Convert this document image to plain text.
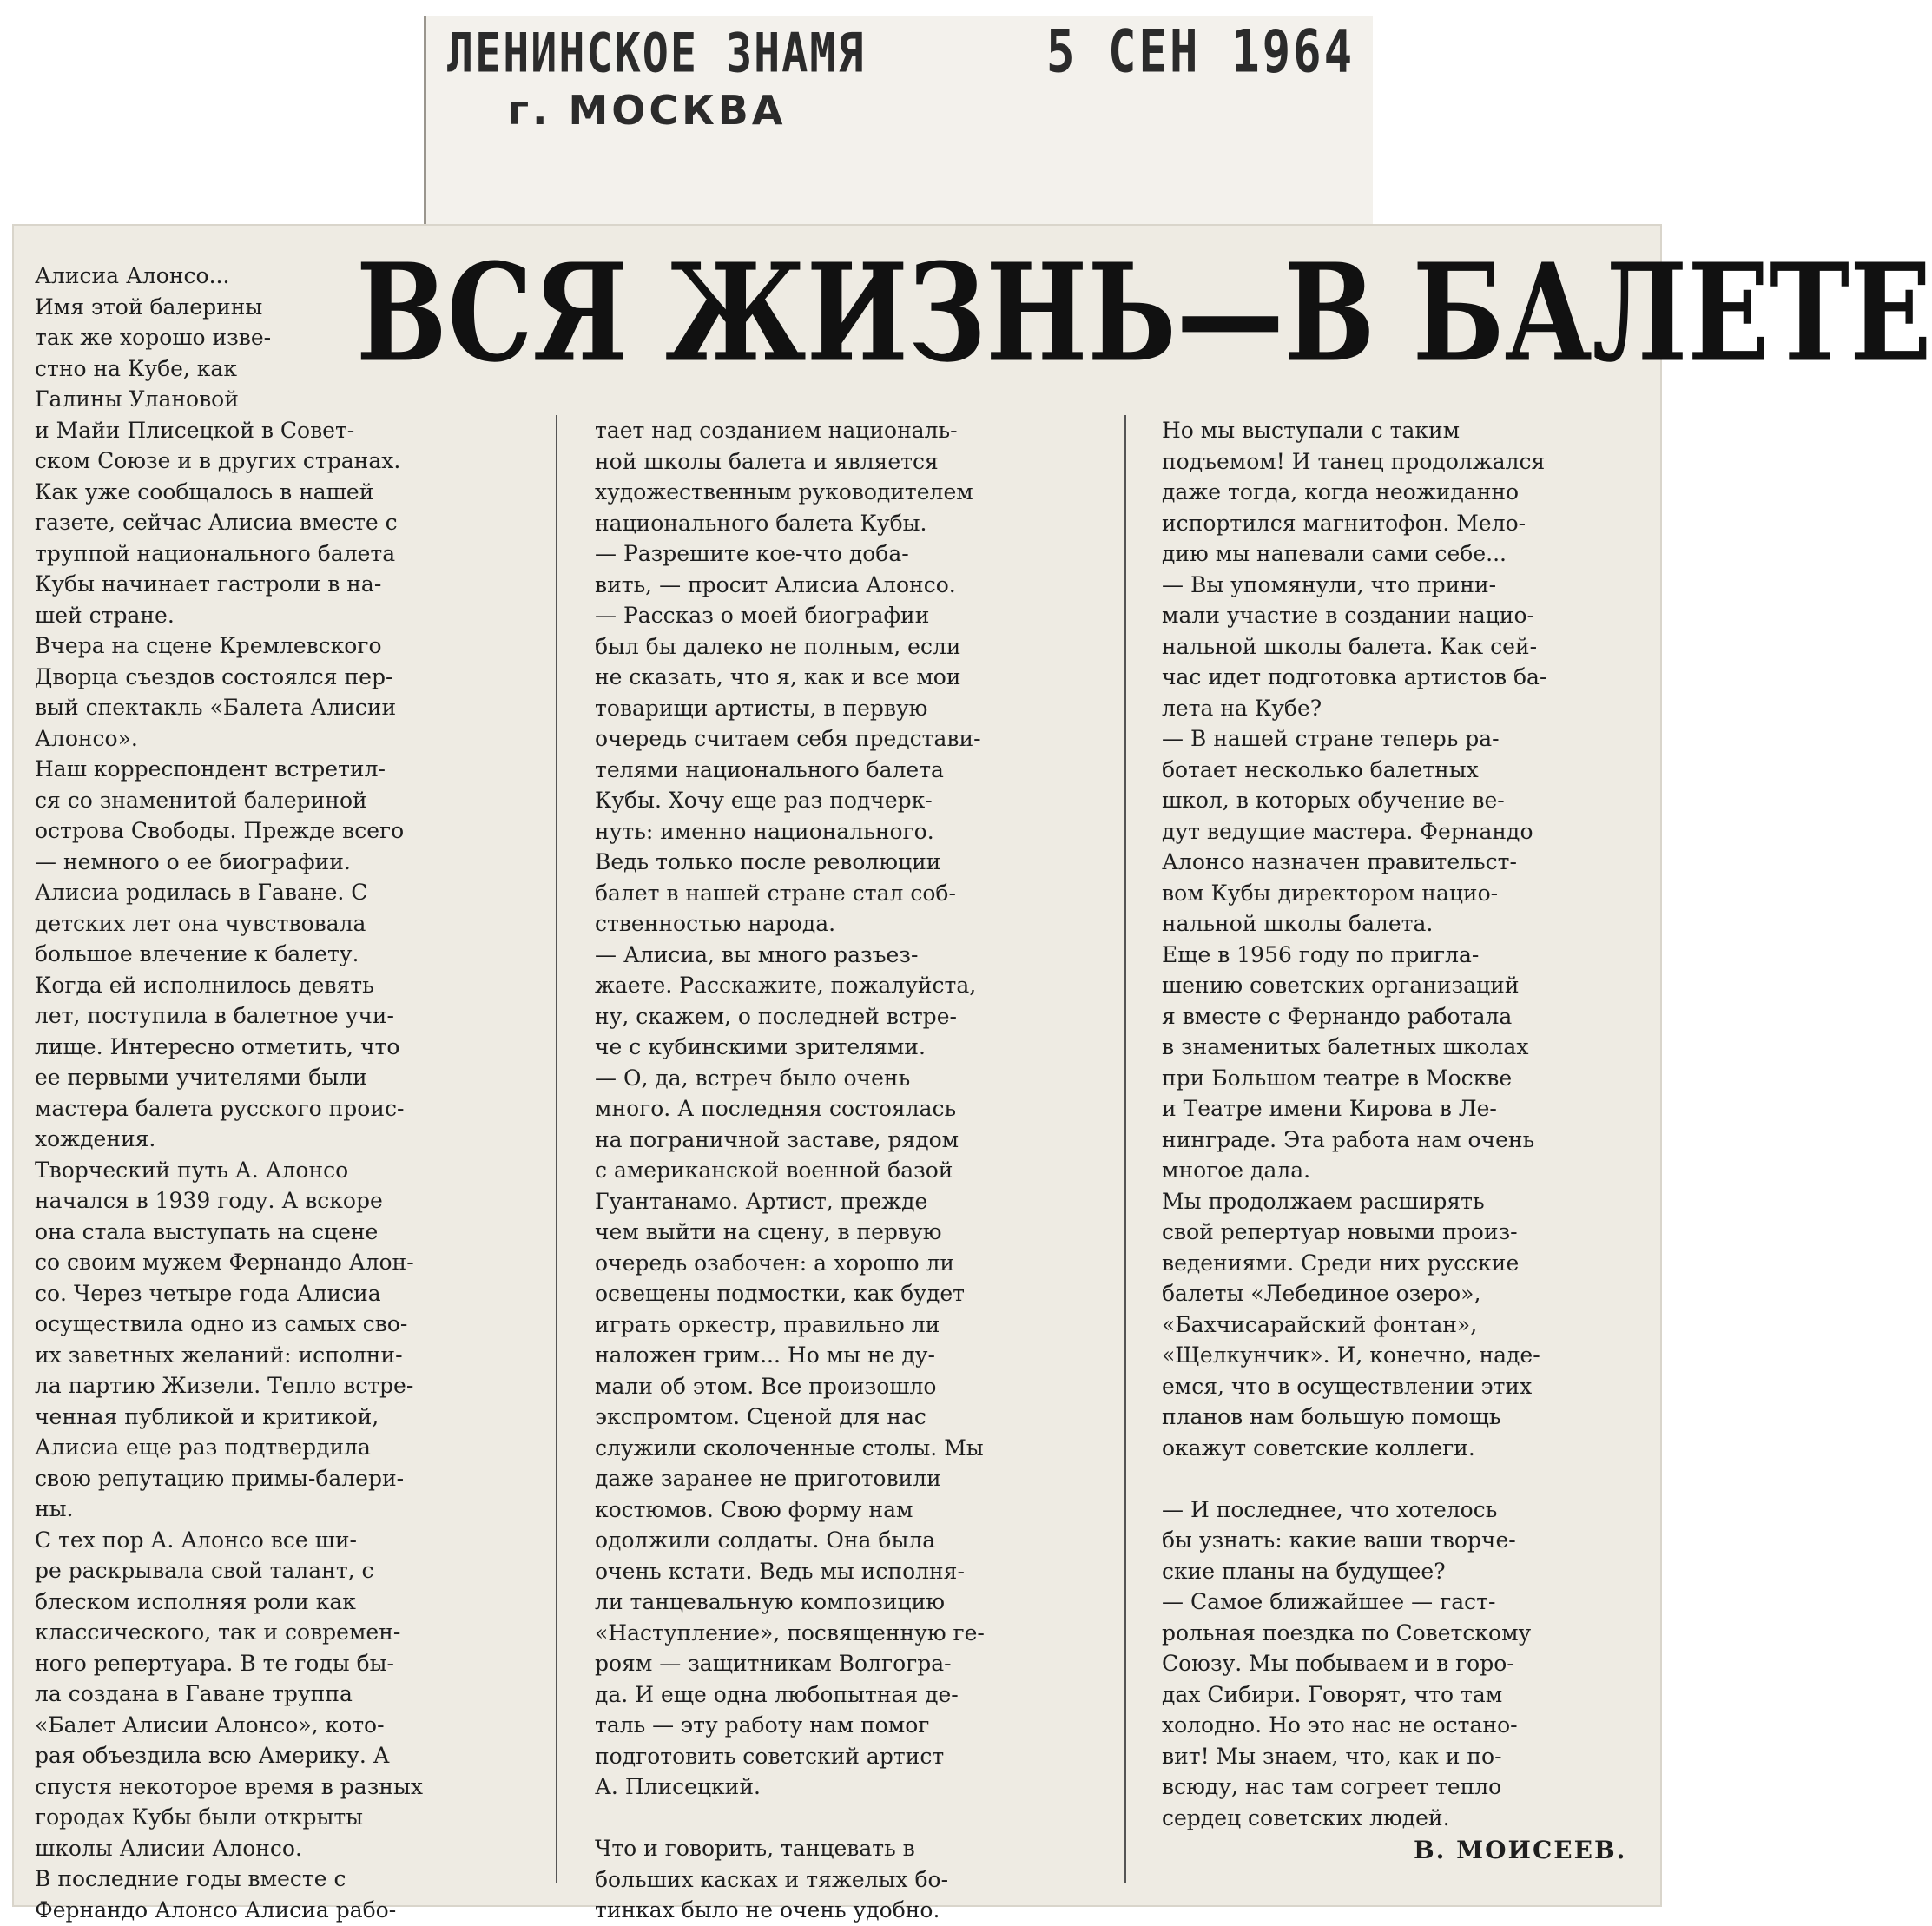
ЛЕНИНСКОЕ ЗНАМЯ
г. МОСКВА
5 СЕН 1964
ВСЯ ЖИЗНЬ—В БАЛЕТЕ
Алисиа Алонсо...
Имя этой балерины
так же хорошо изве-
стно на Кубе, как
Галины Улановой
и Майи Плисецкой в Совет-
ском Союзе и в других странах.
Как уже сообщалось в нашей
газете, сейчас Алисиа вместе с
труппой национального балета
Кубы начинает гастроли в на-
шей стране.
Вчера на сцене Кремлевского
Дворца съездов состоялся пер-
вый спектакль «Балета Алисии
Алонсо».
Наш корреспондент встретил-
ся со знаменитой балериной
острова Свободы. Прежде всего
— немного о ее биографии.
Алисиа родилась в Гаване. С
детских лет она чувствовала
большое влечение к балету.
Когда ей исполнилось девять
лет, поступила в балетное учи-
лище. Интересно отметить, что
ее первыми учителями были
мастера балета русского проис-
хождения.
Творческий путь А. Алонсо
начался в 1939 году. А вскоре
она стала выступать на сцене
со своим мужем Фернандо Алон-
со. Через четыре года Алисиа
осуществила одно из самых сво-
их заветных желаний: исполни-
ла партию Жизели. Тепло встре-
ченная публикой и критикой,
Алисиа еще раз подтвердила
свою репутацию примы-балери-
ны.
С тех пор А. Алонсо все ши-
ре раскрывала свой талант, с
блеском исполняя роли как
классического, так и современ-
ного репертуара. В те годы бы-
ла создана в Гаване труппа
«Балет Алисии Алонсо», кото-
рая объездила всю Америку. А
спустя некоторое время в разных
городах Кубы были открыты
школы Алисии Алонсо.
В последние годы вместе с
Фернандо Алонсо Алисиа рабо-
тает над созданием националь-
ной школы балета и является
художественным руководителем
национального балета Кубы.
— Разрешите кое-что доба-
вить, — просит Алисиа Алонсо.
— Рассказ о моей биографии
был бы далеко не полным, если
не сказать, что я, как и все мои
товарищи артисты, в первую
очередь считаем себя представи-
телями национального балета
Кубы. Хочу еще раз подчерк-
нуть: именно национального.
Ведь только после революции
балет в нашей стране стал соб-
ственностью народа.
— Алисиа, вы много разъез-
жаете. Расскажите, пожалуйста,
ну, скажем, о последней встре-
че с кубинскими зрителями.
— О, да, встреч было очень
много. А последняя состоялась
на пограничной заставе, рядом
с американской военной базой
Гуантанамо. Артист, прежде
чем выйти на сцену, в первую
очередь озабочен: а хорошо ли
освещены подмостки, как будет
играть оркестр, правильно ли
наложен грим... Но мы не ду-
мали об этом. Все произошло
экспромтом. Сценой для нас
служили сколоченные столы. Мы
даже заранее не приготовили
костюмов. Свою форму нам
одолжили солдаты. Она была
очень кстати. Ведь мы исполня-
ли танцевальную композицию
«Наступление», посвященную ге-
роям — защитникам Волгогра-
да. И еще одна любопытная де-
таль — эту работу нам помог
подготовить советский артист
А. Плисецкий.

Что и говорить, танцевать в
больших касках и тяжелых бо-
тинках было не очень удобно.
Но мы выступали с таким
подъемом! И танец продолжался
даже тогда, когда неожиданно
испортился магнитофон. Мело-
дию мы напевали сами себе...
— Вы упомянули, что прини-
мали участие в создании нацио-
нальной школы балета. Как сей-
час идет подготовка артистов ба-
лета на Кубе?
— В нашей стране теперь ра-
ботает несколько балетных
школ, в которых обучение ве-
дут ведущие мастера. Фернандо
Алонсо назначен правительст-
вом Кубы директором нацио-
нальной школы балета.
Еще в 1956 году по пригла-
шению советских организаций
я вместе с Фернандо работала
в знаменитых балетных школах
при Большом театре в Москве
и Театре имени Кирова в Ле-
нинграде. Эта работа нам очень
многое дала.
Мы продолжаем расширять
свой репертуар новыми произ-
ведениями. Среди них русские
балеты «Лебединое озеро»,
«Бахчисарайский фонтан»,
«Щелкунчик». И, конечно, наде-
емся, что в осуществлении этих
планов нам большую помощь
окажут советские коллеги.

— И последнее, что хотелось
бы узнать: какие ваши творче-
ские планы на будущее?
— Самое ближайшее — гаст-
рольная поездка по Советскому
Союзу. Мы побываем и в горо-
дах Сибири. Говорят, что там
холодно. Но это нас не остано-
вит! Мы знаем, что, как и по-
всюду, нас там согреет тепло
сердец советских людей.
В. МОИСЕЕВ.
